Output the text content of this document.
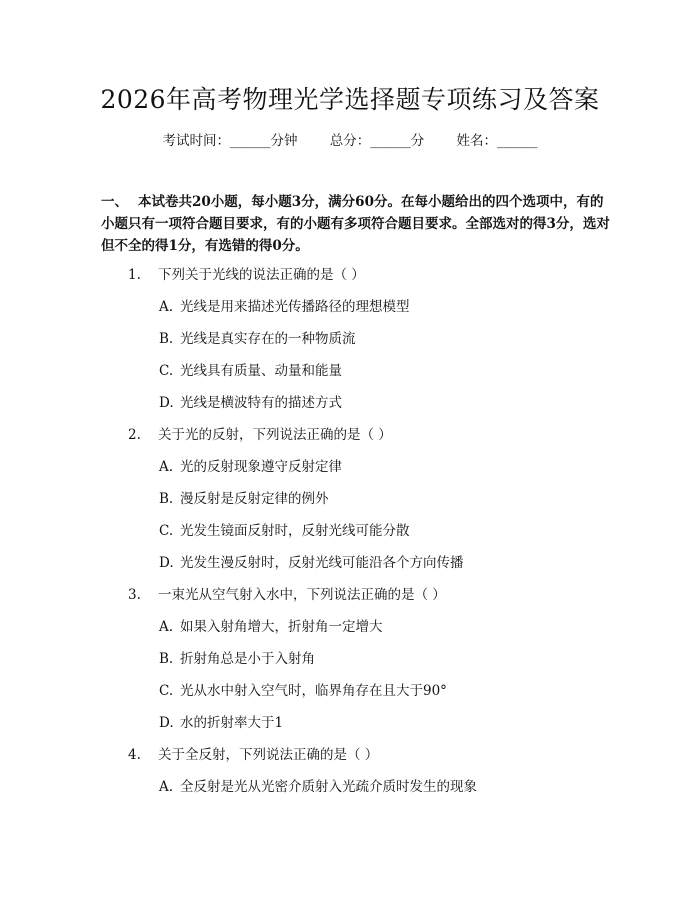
2026年高考物理光学选择题专项练习及答案
考试时间：______分钟 总分：______分 姓名：______
一、 本试卷共20小题，每小题3分，满分60分。在每小题给出的四个选项中，有的小题只有一项符合题目要求，有的小题有多项符合题目要求。全部选对的得3分，选对但不全的得1分，有选错的得0分。
1. 下列关于光线的说法正确的是（ ）
A. 光线是用来描述光传播路径的理想模型
B. 光线是真实存在的一种物质流
C. 光线具有质量、动量和能量
D. 光线是横波特有的描述方式
2. 关于光的反射，下列说法正确的是（ ）
A. 光的反射现象遵守反射定律
B. 漫反射是反射定律的例外
C. 光发生镜面反射时，反射光线可能分散
D. 光发生漫反射时，反射光线可能沿各个方向传播
3. 一束光从空气射入水中，下列说法正确的是（ ）
A. 如果入射角增大，折射角一定增大
B. 折射角总是小于入射角
C. 光从水中射入空气时，临界角存在且大于90°
D. 水的折射率大于1
4. 关于全反射，下列说法正确的是（ ）
A. 全反射是光从光密介质射入光疏介质时发生的现象
